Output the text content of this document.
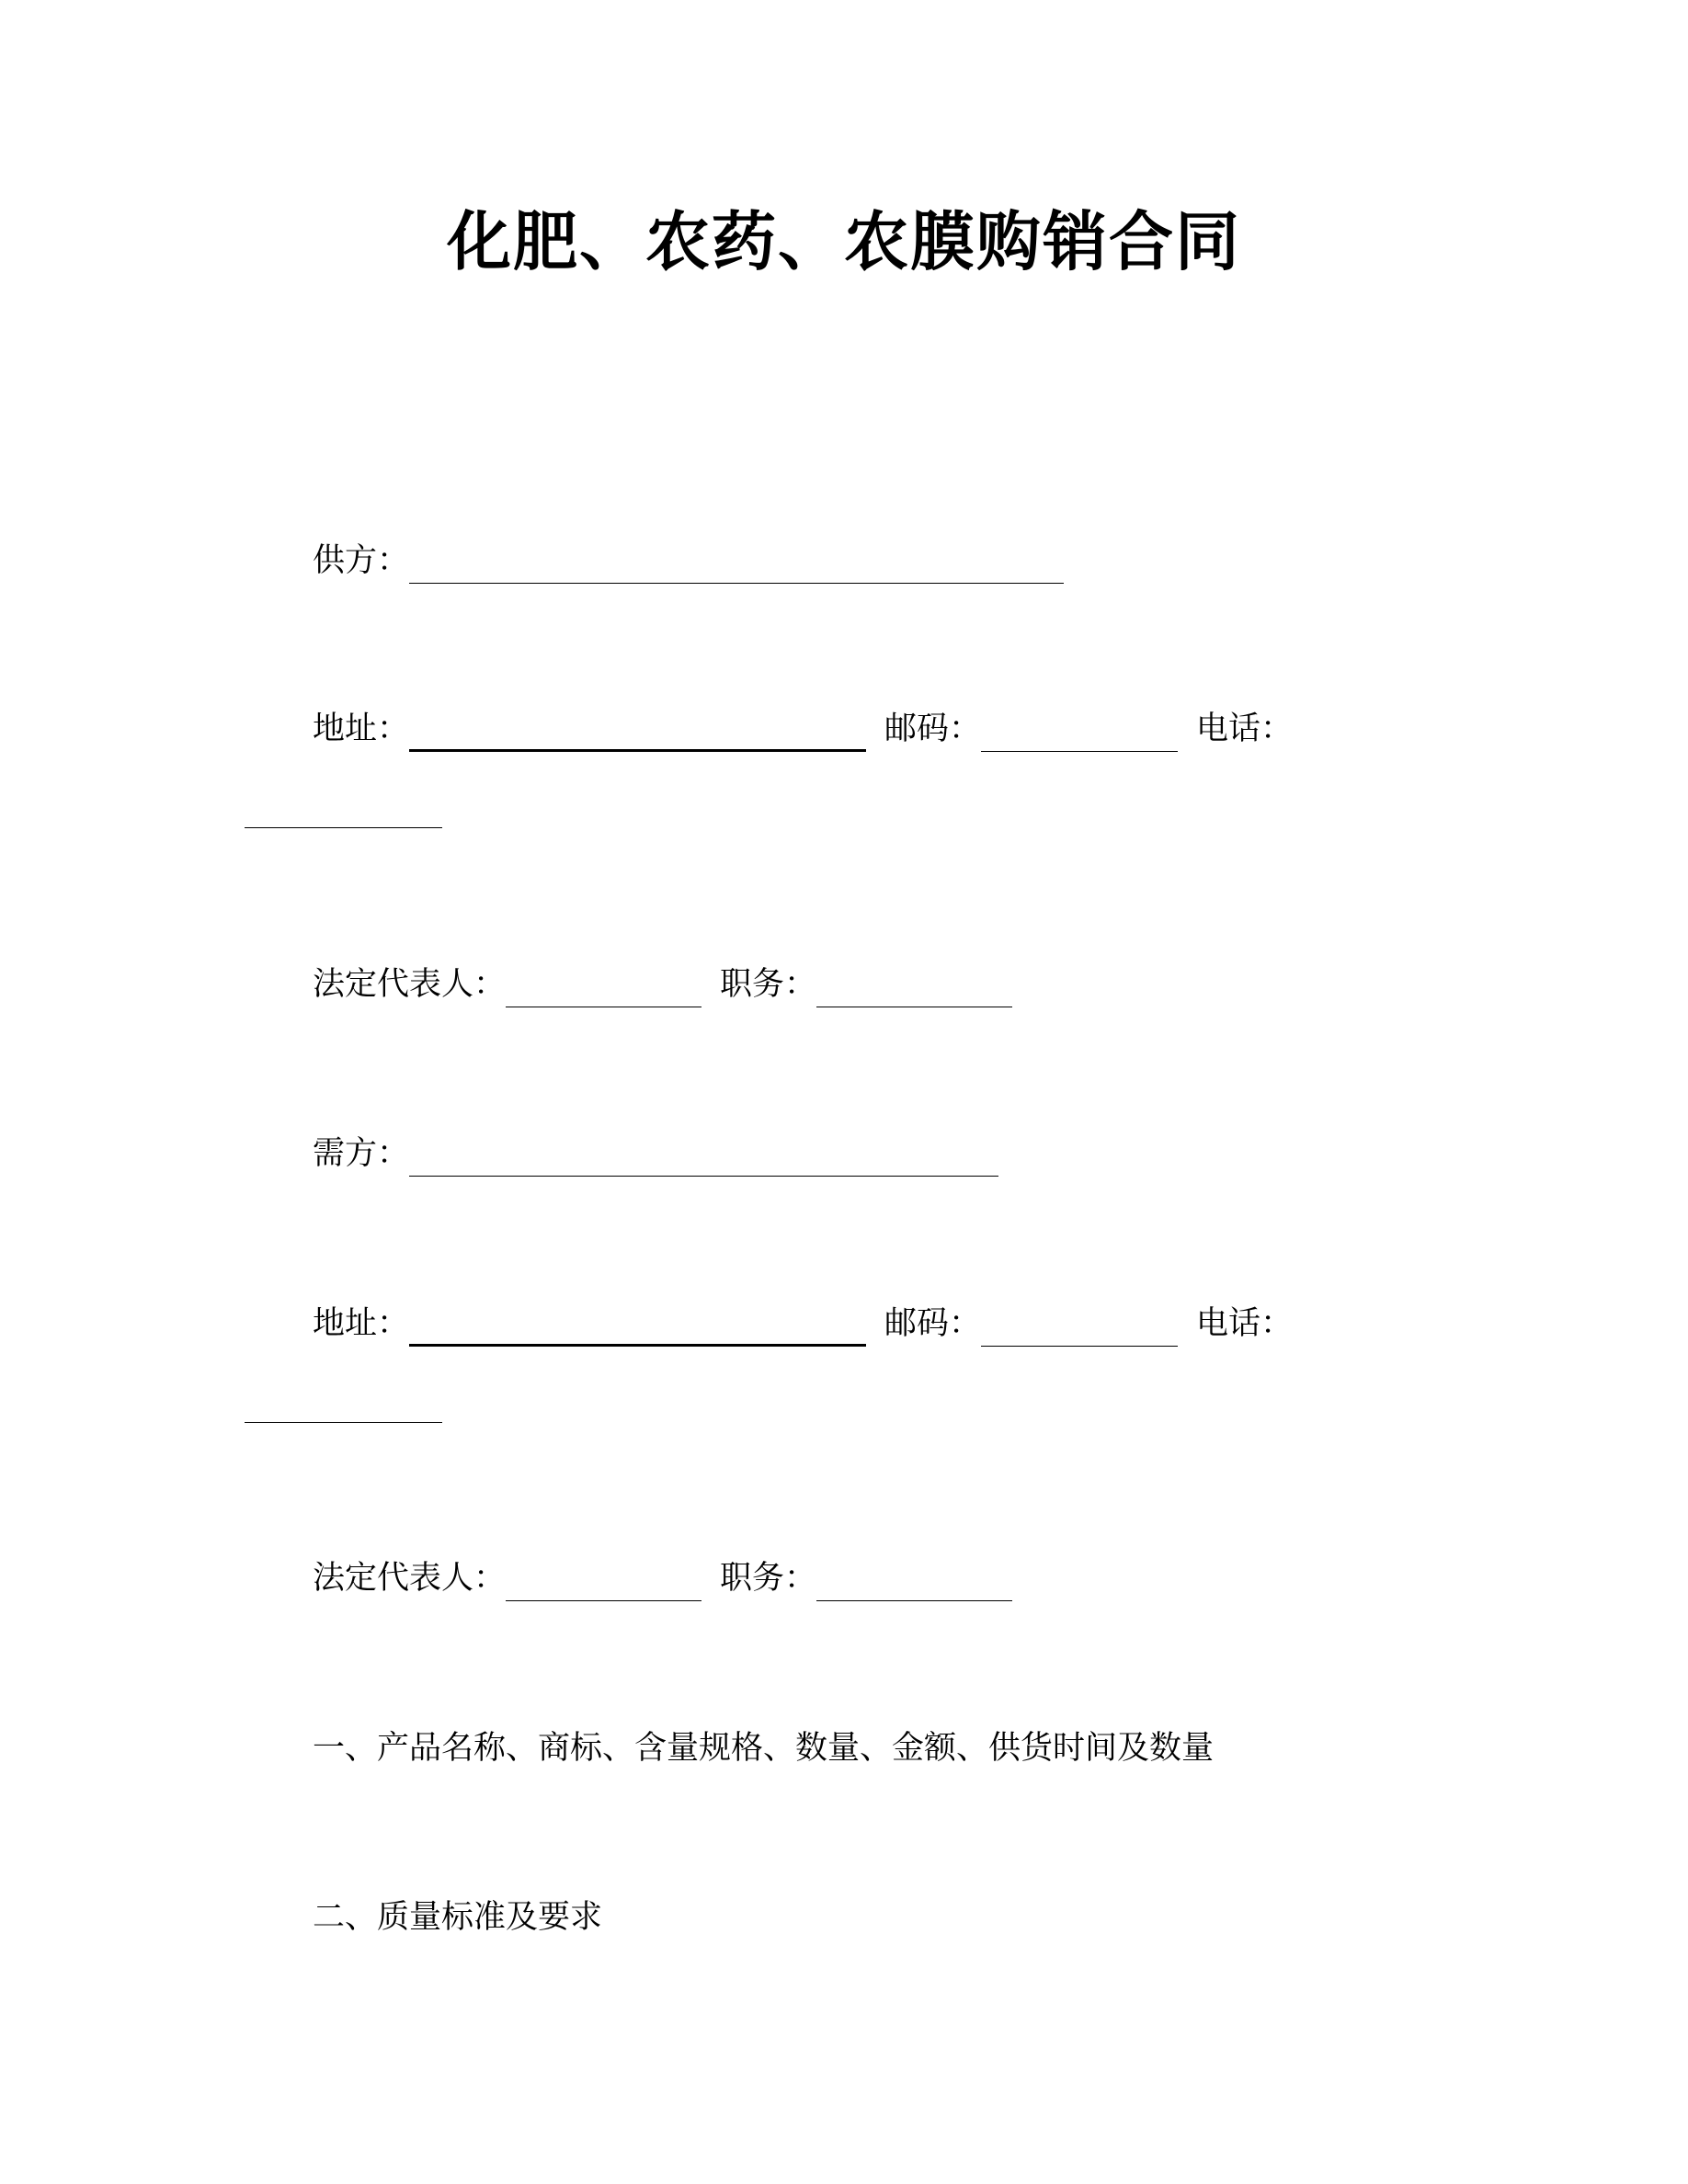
化肥、农药、农膜购销合同
供方：
地址：	邮码：	电话：
法定代表人：	职务：
需方：
地址：	邮码：	电话：
法定代表人：	职务：
一、产品名称、商标、含量规格、数量、金额、供货时间及数量
二、质量标准及要求
